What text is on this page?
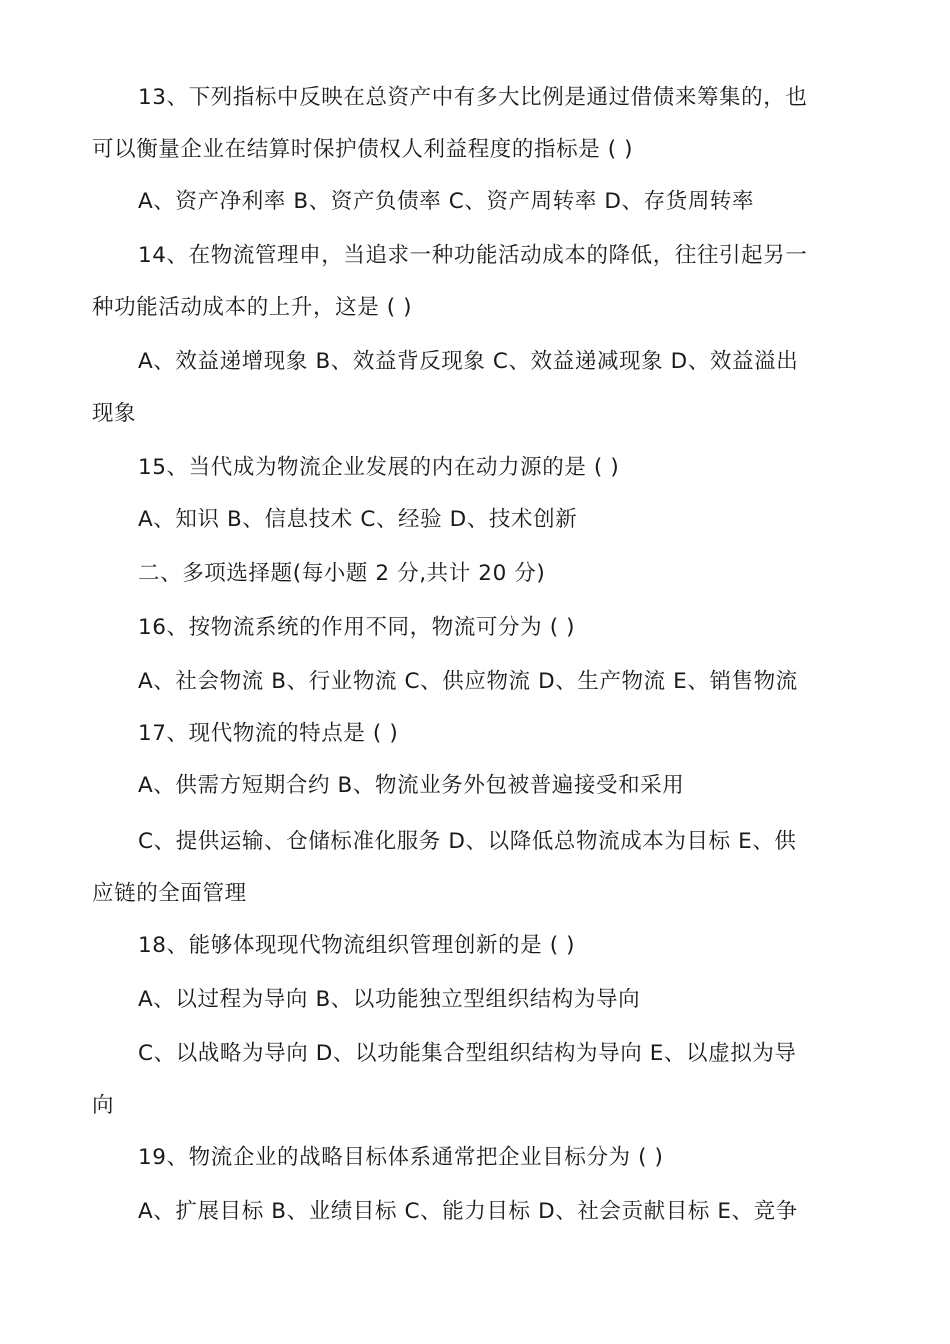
13、下列指标中反映在总资产中有多大比例是通过借债来筹集的，也
可以衡量企业在结算时保护债权人利益程度的指标是 ( )
A、资产净利率 B、资产负债率 C、资产周转率 D、存货周转率
14、在物流管理申，当追求一种功能活动成本的降低，往往引起另一
种功能活动成本的上升，这是 ( )
A、效益递增现象 B、效益背反现象 C、效益递减现象 D、效益溢出
现象
15、当代成为物流企业发展的内在动力源的是 ( )
A、知识 B、信息技术 C、经验 D、技术创新
二、多项选择题(每小题 2 分,共计 20 分)
16、按物流系统的作用不同，物流可分为 ( )
A、社会物流 B、行业物流 C、供应物流 D、生产物流 E、销售物流
17、现代物流的特点是 ( )
A、供需方短期合约 B、物流业务外包被普遍接受和采用
C、提供运输、仓储标准化服务 D、以降低总物流成本为目标 E、供
应链的全面管理
18、能够体现现代物流组织管理创新的是 ( )
A、以过程为导向 B、以功能独立型组织结构为导向
C、以战略为导向 D、以功能集合型组织结构为导向 E、以虚拟为导
向
19、物流企业的战略目标体系通常把企业目标分为 ( )
A、扩展目标 B、业绩目标 C、能力目标 D、社会贡献目标 E、竞争
